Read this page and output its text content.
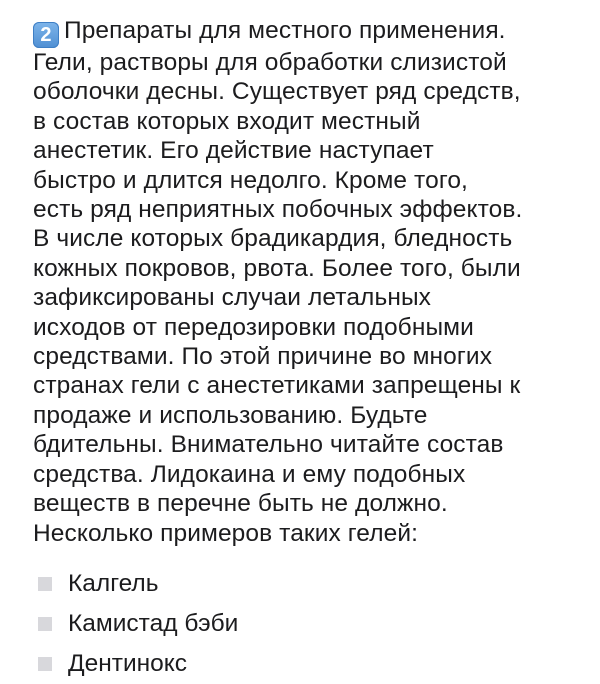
2 Препараты для местного применения.
Гели, растворы для обработки слизистой
оболочки десны. Существует ряд средств,
в состав которых входит местный
анестетик. Его действие наступает
быстро и длится недолго. Кроме того,
есть ряд неприятных побочных эффектов.
В числе которых брадикардия, бледность
кожных покровов, рвота. Более того, были
зафиксированы случаи летальных
исходов от передозировки подобными
средствами. По этой причине во многих
странах гели с анестетиками запрещены к
продаже и использованию. Будьте
бдительны. Внимательно читайте состав
средства. Лидокаина и ему подобных
веществ в перечне быть не должно.
Несколько примеров таких гелей:

Калгель
Камистад бэби
Дентинокс
